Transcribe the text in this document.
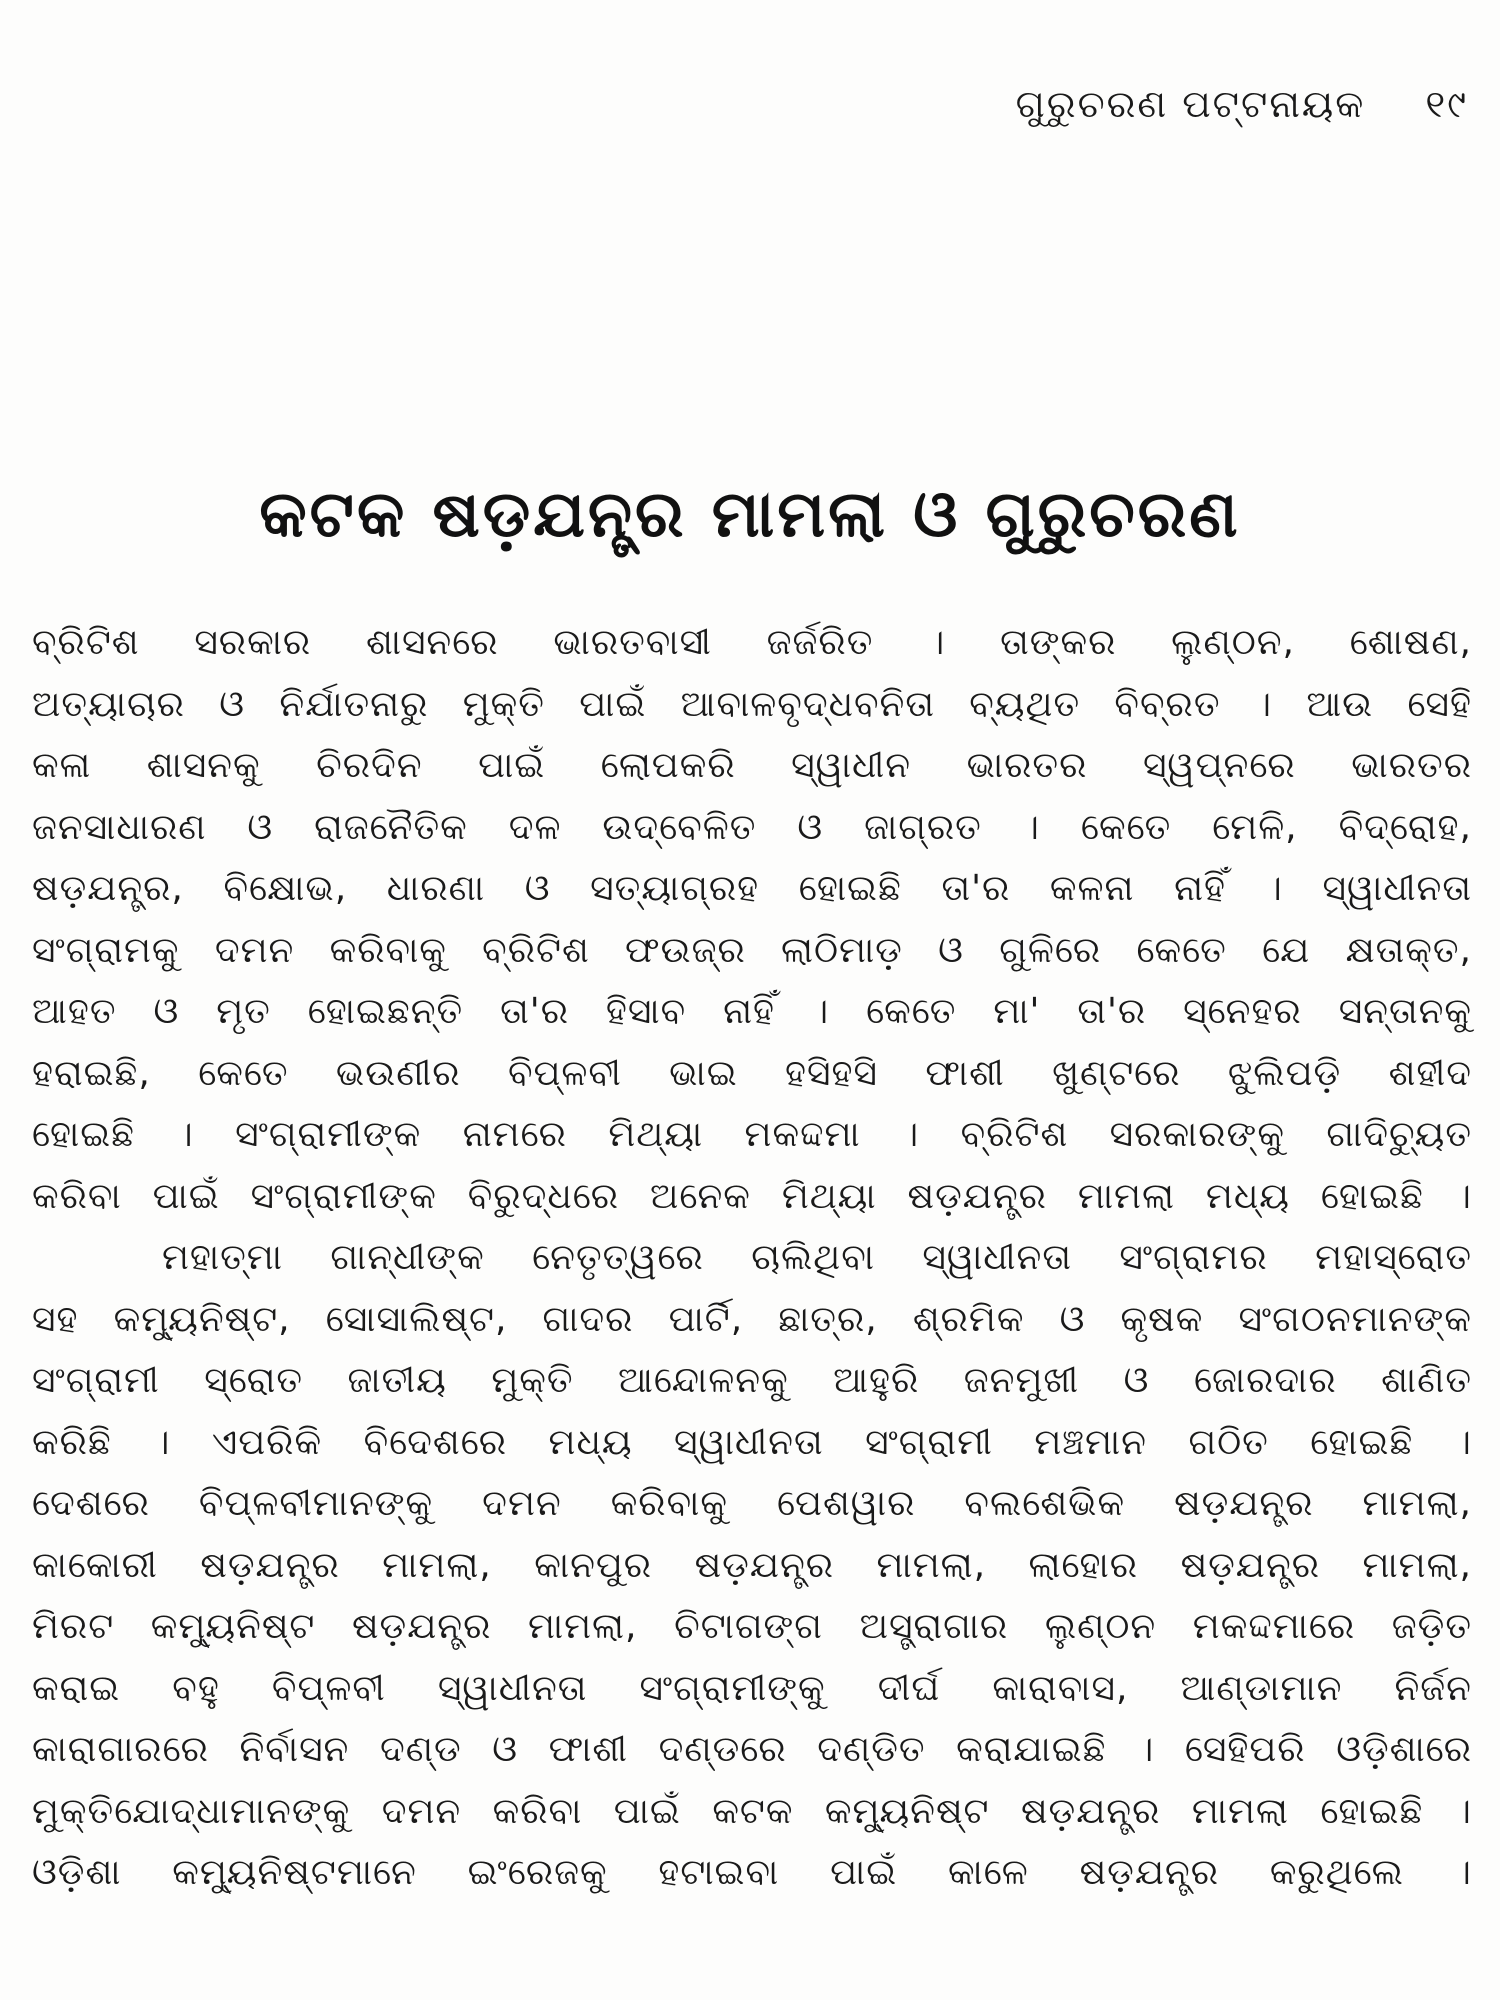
ଗୁରୁଚରଣ ପଟ୍ଟନାୟକ ୧୯
କଟକ ଷଡ଼ଯନ୍ତ୍ର ମାମଲା ଓ ଗୁରୁଚରଣ

ବ୍ରିଟିଶ ସରକାର ଶାସନରେ ଭାରତବାସୀ ଜର୍ଜରିତ । ତାଙ୍କର ଲୁଣ୍ଠନ, ଶୋଷଣ,
ଅତ୍ୟାଚାର ଓ ନିର୍ଯାତନାରୁ ମୁକ୍ତି ପାଇଁ ଆବାଳବୃଦ୍ଧବନିତା ବ୍ୟଥିତ ବିବ୍ରତ । ଆଉ ସେହି
କଳା ଶାସନକୁ ଚିରଦିନ ପାଇଁ ଲୋପକରି ସ୍ୱାଧୀନ ଭାରତର ସ୍ୱପ୍ନରେ ଭାରତର
ଜନସାଧାରଣ ଓ ରାଜନୈତିକ ଦଳ ଉଦ୍‌ବେଳିତ ଓ ଜାଗ୍ରତ । କେତେ ମେଳି, ବିଦ୍ରୋହ,
ଷଡ଼ଯନ୍ତ୍ର, ବିକ୍ଷୋଭ, ଧାରଣା ଓ ସତ୍ୟାଗ୍ରହ ହୋଇଛି ତା'ର କଳନା ନାହିଁ । ସ୍ୱାଧୀନତା
ସଂଗ୍ରାମକୁ ଦମନ କରିବାକୁ ବ୍ରିଟିଶ ଫଉଜ୍‌ର ଲାଠିମାଡ଼ ଓ ଗୁଳିରେ କେତେ ଯେ କ୍ଷତାକ୍ତ,
ଆହତ ଓ ମୃତ ହୋଇଛନ୍ତି ତା'ର ହିସାବ ନାହିଁ । କେତେ ମା' ତା'ର ସ୍ନେହର ସନ୍ତାନକୁ
ହରାଇଛି, କେତେ ଭଉଣୀର ବିପ୍ଳବୀ ଭାଇ ହସିହସି ଫାଶୀ ଖୁଣ୍ଟରେ ଝୁଲିପଡ଼ି ଶହୀଦ
ହୋଇଛି । ସଂଗ୍ରାମୀଙ୍କ ନାମରେ ମିଥ୍ୟା ମକଦ୍ଦମା । ବ୍ରିଟିଶ ସରକାରଙ୍କୁ ଗାଦିଚ୍ୟୁତ
କରିବା ପାଇଁ ସଂଗ୍ରାମୀଙ୍କ ବିରୁଦ୍ଧରେ ଅନେକ ମିଥ୍ୟା ଷଡ଼ଯନ୍ତ୍ର ମାମଲା ମଧ୍ୟ ହୋଇଛି ।

ମହାତ୍ମା ଗାନ୍ଧୀଙ୍କ ନେତୃତ୍ୱରେ ଚାଲିଥିବା ସ୍ୱାଧୀନତା ସଂଗ୍ରାମର ମହାସ୍ରୋତ
ସହ କମ୍ୟୁନିଷ୍ଟ, ସୋସାଲିଷ୍ଟ, ଗାଦର ପାର୍ଟି, ଛାତ୍ର, ଶ୍ରମିକ ଓ କୃଷକ ସଂଗଠନମାନଙ୍କ
ସଂଗ୍ରାମୀ ସ୍ରୋତ ଜାତୀୟ ମୁକ୍ତି ଆନ୍ଦୋଳନକୁ ଆହୁରି ଜନମୁଖୀ ଓ ଜୋରଦାର ଶାଣିତ
କରିଛି । ଏପରିକି ବିଦେଶରେ ମଧ୍ୟ ସ୍ୱାଧୀନତା ସଂଗ୍ରାମୀ ମଞ୍ଚମାନ ଗଠିତ ହୋଇଛି ।
ଦେଶରେ ବିପ୍ଳବୀମାନଙ୍କୁ ଦମନ କରିବାକୁ ପେଶୱାର ବଲଶେଭିକ ଷଡ଼ଯନ୍ତ୍ର ମାମଲା,
କାକୋରୀ ଷଡ଼ଯନ୍ତ୍ର ମାମଲା, କାନପୁର ଷଡ଼ଯନ୍ତ୍ର ମାମଲା, ଲାହୋର ଷଡ଼ଯନ୍ତ୍ର ମାମଲା,
ମିରଟ କମ୍ୟୁନିଷ୍ଟ ଷଡ଼ଯନ୍ତ୍ର ମାମଲା, ଚିଟାଗଙ୍ଗ ଅସ୍ତ୍ରାଗାର ଲୁଣ୍ଠନ ମକଦ୍ଦମାରେ ଜଡ଼ିତ
କରାଇ ବହୁ ବିପ୍ଳବୀ ସ୍ୱାଧୀନତା ସଂଗ୍ରାମୀଙ୍କୁ ଦୀର୍ଘ କାରାବାସ, ଆଣ୍ଡାମାନ ନିର୍ଜନ
କାରାଗାରରେ ନିର୍ବାସନ ଦଣ୍ଡ ଓ ଫାଶୀ ଦଣ୍ଡରେ ଦଣ୍ଡିତ କରାଯାଇଛି । ସେହିପରି ଓଡ଼ିଶାରେ
ମୁକ୍ତିଯୋଦ୍ଧାମାନଙ୍କୁ ଦମନ କରିବା ପାଇଁ କଟକ କମ୍ୟୁନିଷ୍ଟ ଷଡ଼ଯନ୍ତ୍ର ମାମଲା ହୋଇଛି ।
ଓଡ଼ିଶା କମ୍ୟୁନିଷ୍ଟମାନେ ଇଂରେଜକୁ ହଟାଇବା ପାଇଁ କାଳେ ଷଡ଼ଯନ୍ତ୍ର କରୁଥିଲେ ।
